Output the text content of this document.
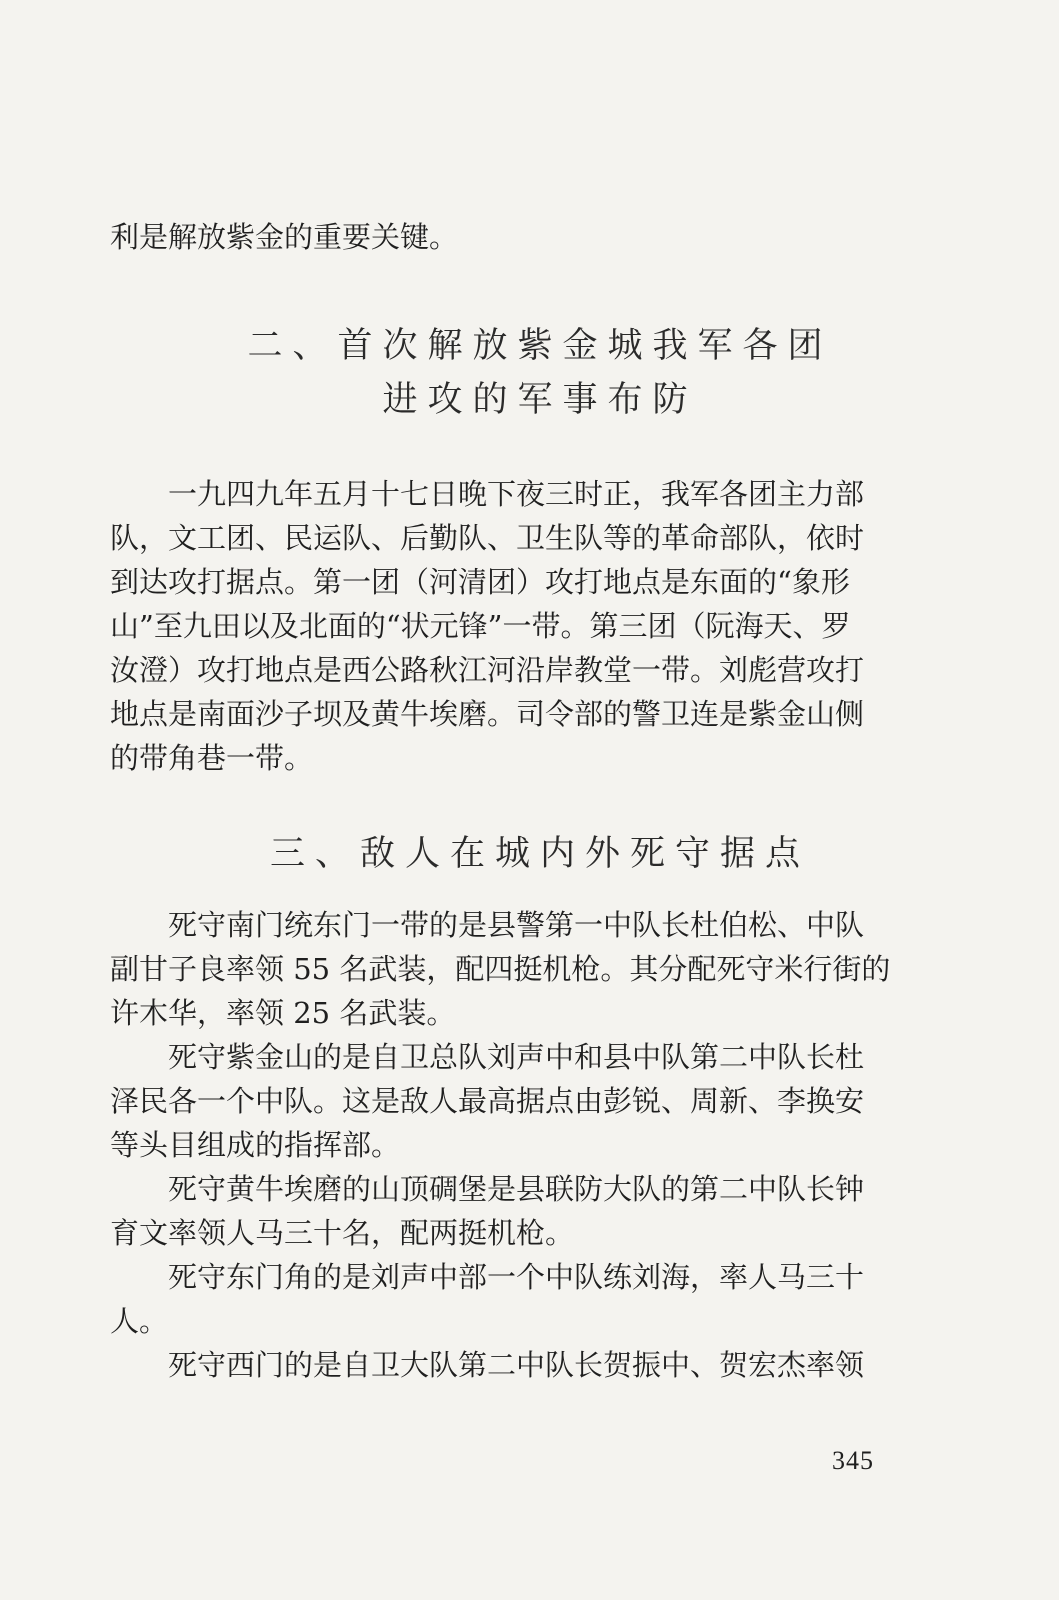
利是解放紫金的重要关键。
二、首次解放紫金城我军各团
进攻的军事布防
一九四九年五月十七日晚下夜三时正，我军各团主力部
队，文工团、民运队、后勤队、卫生队等的革命部队，依时
到达攻打据点。第一团（河清团）攻打地点是东面的“象形
山”至九田以及北面的“状元锋”一带。第三团（阮海天、罗
汝澄）攻打地点是西公路秋江河沿岸教堂一带。刘彪营攻打
地点是南面沙子坝及黄牛埃磨。司令部的警卫连是紫金山侧
的带角巷一带。
三、敌人在城内外死守据点
死守南门统东门一带的是县警第一中队长杜伯松、中队
副甘子良率领 55 名武装，配四挺机枪。其分配死守米行街的
许木华，率领 25 名武装。
死守紫金山的是自卫总队刘声中和县中队第二中队长杜
泽民各一个中队。这是敌人最高据点由彭锐、周新、李换安
等头目组成的指挥部。
死守黄牛埃磨的山顶碉堡是县联防大队的第二中队长钟
育文率领人马三十名，配两挺机枪。
死守东门角的是刘声中部一个中队练刘海，率人马三十
人。
死守西门的是自卫大队第二中队长贺振中、贺宏杰率领
345
